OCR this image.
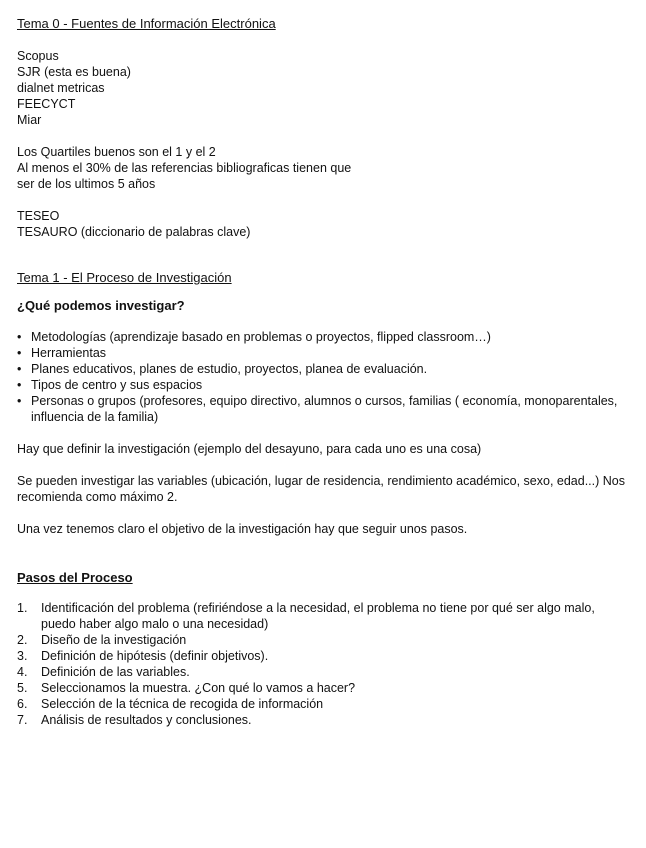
Tema 0 - Fuentes de Información Electrónica

Scopus

SJR (esta es buena)

dialnet metricas

FEECYCT

Miar

Los Quartiles buenos son el 1 y el 2

Al menos el 30% de las referencias bibliograficas tienen que

ser de los ultimos 5 años

TESEO

TESAURO (diccionario de palabras clave)

Tema 1 - El Proceso de Investigación

¿Qué podemos investigar?

• Metodologías (aprendizaje basado en problemas o proyectos, flipped classroom…)
• Herramientas
• Planes educativos, planes de estudio, proyectos, planea de evaluación.
• Tipos de centro y sus espacios
• Personas o grupos (profesores, equipo directivo, alumnos o cursos, familias ( economía, monoparentales, influencia de la familia)

Hay que definir la investigación (ejemplo del desayuno, para cada uno es una cosa)

Se pueden investigar las variables (ubicación, lugar de residencia, rendimiento académico, sexo, edad...) Nos recomienda como máximo 2.

Una vez tenemos claro el objetivo de la investigación hay que seguir unos pasos.

Pasos del Proceso

1. Identificación del problema (refiriéndose a la necesidad, el problema no tiene por qué ser algo malo, puedo haber algo malo o una necesidad)
2. Diseño de la investigación
3. Definición de hipótesis (definir objetivos).
4. Definición de las variables.
5. Seleccionamos la muestra. ¿Con qué lo vamos a hacer?
6. Selección de la técnica de recogida de información
7. Análisis de resultados y conclusiones.
